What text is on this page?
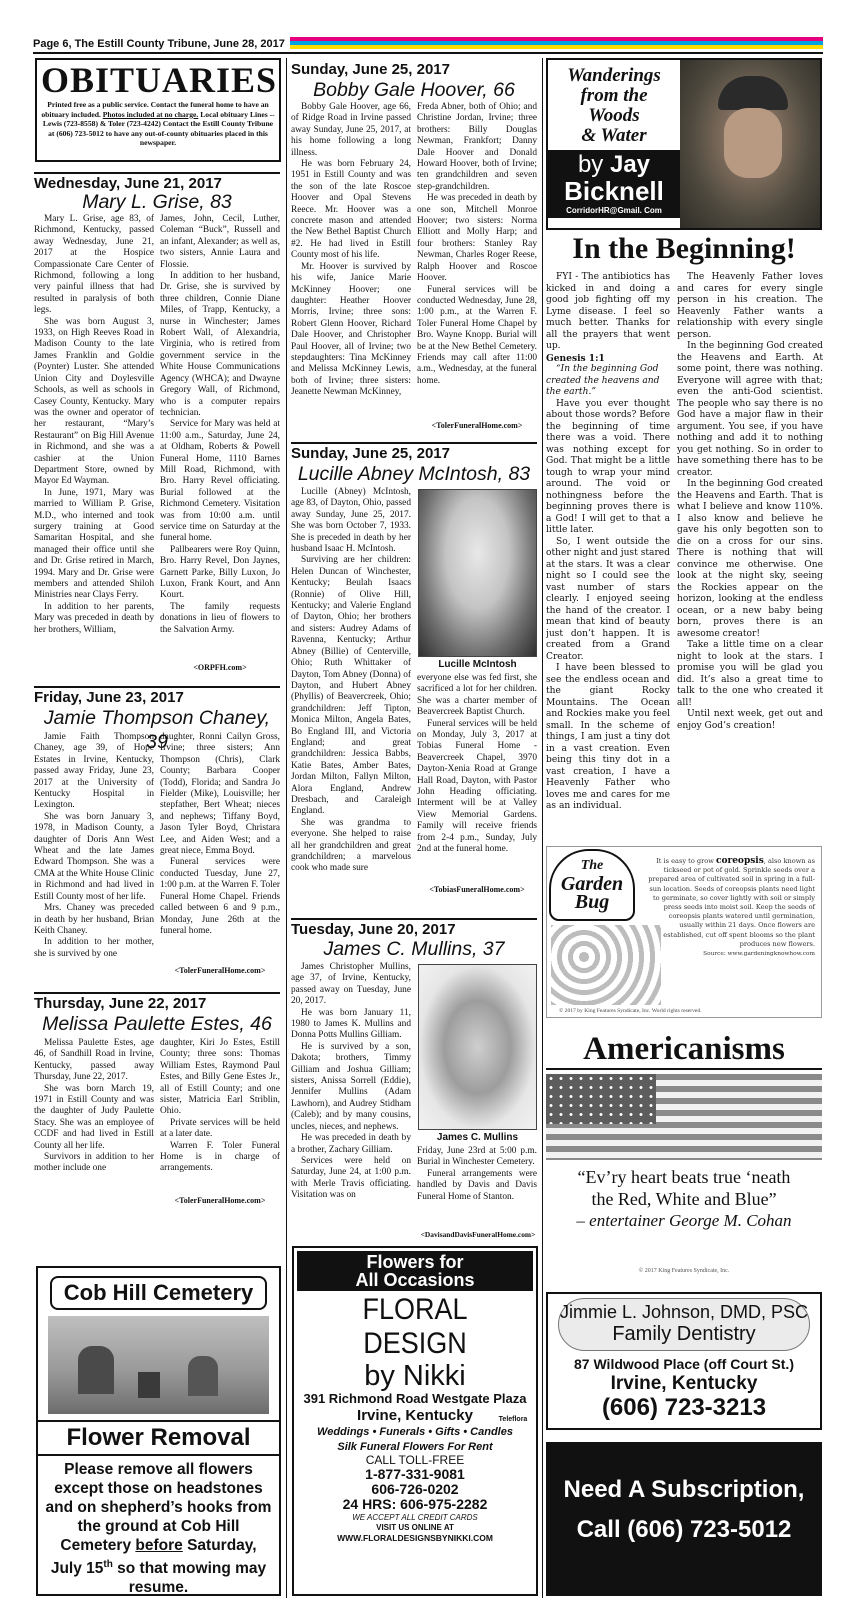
Page 6, The Estill County Tribune, June 28, 2017
OBITUARIES
Printed free as a public service. Contact the funeral home to have an obituary included. Photos included at no charge. Local obituary Lines -- Lewis (723-8558) & Toler (723-4242) Contact the Estill County Tribune at (606) 723-5012 to have any out-of-county obituaries placed in this newspaper.
Wednesday, June 21, 2017
Mary L. Grise, 83

Mary L. Grise, age 83, of Richmond, Kentucky, passed away Wednesday, June 21, 2017 at the Hospice Compassionate Care Center of Richmond, following a long very painful illness that had resulted in paralysis of both legs.

She was born August 3, 1933, on High Reeves Road in Madison County to the late James Franklin and Goldie (Poynter) Luster. She attended Union City and Doylesville Schools, as well as schools in Casey County, Kentucky. Mary was the owner and operator of her restaurant, “Mary’s Restaurant” on Big Hill Avenue in Richmond, and she was a cashier at the Union Department Store, owned by Mayor Ed Wayman.

In June, 1971, Mary was married to William P. Grise, M.D., who interned and took surgery training at Good Samaritan Hospital, and she managed their office until she and Dr. Grise retired in March, 1994. Mary and Dr. Grise were members and attended Shiloh Ministries near Clays Ferry.

In addition to her parents, Mary was preceded in death by her brothers, William,

James, John, Cecil, Luther, Coleman “Buck”, Russell and an infant, Alexander; as well as, two sisters, Annie Laura and Flossie.

In addition to her husband, Dr. Grise, she is survived by three children, Connie Diane Miles, of Trapp, Kentucky, a nurse in Winchester; James Robert Wall, of Alexandria, Virginia, who is retired from government service in the White House Communications Agency (WHCA); and Dwayne Gregory Wall, of Richmond, who is a computer repairs technician.

Service for Mary was held at 11:00 a.m., Saturday, June 24, at Oldham, Roberts & Powell Funeral Home, 1110 Barnes Mill Road, Richmond, with Bro. Harry Revel officiating. Burial followed at the Richmond Cemetery. Visitation was from 10:00 a.m. until service time on Saturday at the funeral home.

Pallbearers were Roy Quinn, Bro. Harry Revel, Don Jaynes, Garnett Parke, Billy Luxon, Jo Luxon, Frank Kourt, and Ann Kourt.

The family requests donations in lieu of flowers to the Salvation Army.

<ORPFH.com>
Friday, June 23, 2017
Jamie Thompson Chaney, 39

Jamie Faith Thompson Chaney, age 39, of Hope Estates in Irvine, Kentucky, passed away Friday, June 23, 2017 at the University of Kentucky Hospital in Lexington.

She was born January 3, 1978, in Madison County, a daughter of Doris Ann West Wheat and the late James Edward Thompson. She was a CMA at the White House Clinic in Richmond and had lived in Estill County most of her life.

Mrs. Chaney was preceded in death by her husband, Brian Keith Chaney.

In addition to her mother, she is survived by one

daughter, Ronni Cailyn Gross, Irvine; three sisters; Ann Thompson (Chris), Clark County; Barbara Cooper (Todd), Florida; and Sandra Jo Fielder (Mike), Louisville; her stepfather, Bert Wheat; nieces and nephews; Tiffany Boyd, Jason Tyler Boyd, Christara Lee, and Aiden West; and a great niece, Emma Boyd.

Funeral services were conducted Tuesday, June 27, 1:00 p.m. at the Warren F. Toler Funeral Home Chapel. Friends called between 6 and 9 p.m., Monday, June 26th at the funeral home.

<TolerFuneralHome.com>
Thursday, June 22, 2017
Melissa Paulette Estes, 46

Melissa Paulette Estes, age 46, of Sandhill Road in Irvine, Kentucky, passed away Thursday, June 22, 2017.

She was born March 19, 1971 in Estill County and was the daughter of Judy Paulette Stacy. She was an employee of CCDF and had lived in Estill County all her life.

Survivors in addition to her mother include one

daughter, Kiri Jo Estes, Estill County; three sons: Thomas William Estes, Raymond Paul Estes, and Billy Gene Estes Jr., all of Estill County; and one sister, Matricia Earl Striblin, Ohio.

Private services will be held at a later date.

Warren F. Toler Funeral Home is in charge of arrangements.

<TolerFuneralHome.com>
Cob Hill Cemetery
Flower Removal
Please remove all flowers except those on headstones and on shepherd’s hooks from the ground at Cob Hill Cemetery before Saturday, July 15th so that mowing may resume.
Sunday, June 25, 2017
Bobby Gale Hoover, 66

Bobby Gale Hoover, age 66, of Ridge Road in Irvine passed away Sunday, June 25, 2017, at his home following a long illness.

He was born February 24, 1951 in Estill County and was the son of the late Roscoe Hoover and Opal Stevens Reece. Mr. Hoover was a concrete mason and attended the New Bethel Baptist Church #2. He had lived in Estill County most of his life.

Mr. Hoover is survived by his wife, Janice Marie McKinney Hoover; one daughter: Heather Hoover Morris, Irvine; three sons: Robert Glenn Hoover, Richard Dale Hoover, and Christopher Paul Hoover, all of Irvine; two stepdaughters: Tina McKinney and Melissa McKinney Lewis, both of Irvine; three sisters: Jeanette Newman McKinney,

Freda Abner, both of Ohio; and Christine Jordan, Irvine; three brothers: Billy Douglas Newman, Frankfort; Danny Dale Hoover and Donald Howard Hoover, both of Irvine; ten grandchildren and seven step-grandchildren.

He was preceded in death by one son, Mitchell Monroe Hoover; two sisters: Norma Elliott and Molly Harp; and four brothers: Stanley Ray Newman, Charles Roger Reese, Ralph Hoover and Roscoe Hoover.

Funeral services will be conducted Wednesday, June 28, 1:00 p.m., at the Warren F. Toler Funeral Home Chapel by Bro. Wayne Knopp. Burial will be at the New Bethel Cemetery. Friends may call after 11:00 a.m., Wednesday, at the funeral home.

<TolerFuneralHome.com>
Sunday, June 25, 2017
Lucille Abney McIntosh, 83

Lucille (Abney) McIntosh, age 83, of Dayton, Ohio, passed away Sunday, June 25, 2017. She was born October 7, 1933. She is preceded in death by her husband Isaac H. McIntosh.

Surviving are her children: Helen Duncan of Winchester, Kentucky; Beulah Isaacs (Ronnie) of Olive Hill, Kentucky; and Valerie England of Dayton, Ohio; her brothers and sisters: Audrey Adams of Ravenna, Kentucky; Arthur Abney (Billie) of Centerville, Ohio; Ruth Whittaker of Dayton, Tom Abney (Donna) of Dayton, and Hubert Abney (Phyllis) of Beavercreek, Ohio; grandchildren: Jeff Tipton, Monica Milton, Angela Bates, Bo England III, and Victoria England; and great grandchildren: Jessica Babbs, Katie Bates, Amber Bates, Jordan Milton, Fallyn Milton, Alora England, Andrew Dresbach, and Caraleigh England.

She was grandma to everyone. She helped to raise all her grandchildren and great grandchildren; a marvelous cook who made sure

Lucille McIntosh

everyone else was fed first, she sacrificed a lot for her children. She was a charter member of Beavercreek Baptist Church.

Funeral services will be held on Monday, July 3, 2017 at Tobias Funeral Home - Beavercreek Chapel, 3970 Dayton-Xenia Road at Grange Hall Road, Dayton, with Pastor John Heading officiating. Interment will be at Valley View Memorial Gardens. Family will receive friends from 2-4 p.m., Sunday, July 2nd at the funeral home.

<TobiasFuneralHome.com>
Tuesday, June 20, 2017
James C. Mullins, 37

James Christopher Mullins, age 37, of Irvine, Kentucky, passed away on Tuesday, June 20, 2017.

He was born January 11, 1980 to James K. Mullins and Donna Potts Mullins Gilliam.

He is survived by a son, Dakota; brothers, Timmy Gilliam and Joshua Gilliam; sisters, Anissa Sorrell (Eddie), Jennifer Mullins (Adam Lawhorn), and Audrey Stidham (Caleb); and by many cousins, uncles, nieces, and nephews.

He was preceded in death by a brother, Zachary Gilliam.

Services were held on Saturday, June 24, at 1:00 p.m. with Merle Travis officiating. Visitation was on

James C. Mullins

Friday, June 23rd at 5:00 p.m. Burial in Winchester Cemetery.

Funeral arrangements were handled by Davis and Davis Funeral Home of Stanton.

<DavisandDavisFuneralHome.com>
Flowers for
All Occasions
FLORAL DESIGN
by Nikki
391 Richmond Road Westgate Plaza
Irvine, Kentucky
Weddings • Funerals • Gifts • Candles
Silk Funeral Flowers For Rent
CALL TOLL-FREE
1-877-331-9081
606-726-0202
24 HRS: 606-975-2282
WE ACCEPT ALL CREDIT CARDS
VISIT US ONLINE AT
WWW.FLORALDESIGNSBYNIKKI.COM
Teleflora
Wanderings
from the
Woods
& Water
by Jay
Bicknell
CorridorHR@Gmail. Com
In the Beginning!

FYI - The antibiotics has kicked in and doing a good job fighting off my Lyme disease. I feel so much better. Thanks for all the prayers that went up.

Genesis 1:1
“In the beginning God created the heavens and the earth.”

Have you ever thought about those words? Before the beginning of time there was a void. There was nothing except for God. That might be a little tough to wrap your mind around. The void or nothingness before the beginning proves there is a God! I will get to that a little later.

So, I went outside the other night and just stared at the stars. It was a clear night so I could see the vast number of stars clearly. I enjoyed seeing the hand of the creator. I mean that kind of beauty just don’t happen. It is created from a Grand Creator.

I have been blessed to see the endless ocean and the giant Rocky Mountains. The Ocean and Rockies make you feel small. In the scheme of things, I am just a tiny dot in a vast creation. Even being this tiny dot in a vast creation, I have a Heavenly Father who loves me and cares for me as an individual.

The Heavenly Father loves and cares for every single person in his creation. The Heavenly Father wants a relationship with every single person.

In the beginning God created the Heavens and Earth. At some point, there was nothing. Everyone will agree with that; even the anti-God scientist. The people who say there is no God have a major flaw in their argument. You see, if you have nothing and add it to nothing you get nothing. So in order to have something there has to be creator.

In the beginning God created the Heavens and Earth. That is what I believe and know 110%. I also know and believe he gave his only begotten son to die on a cross for our sins. There is nothing that will convince me otherwise. One look at the night sky, seeing the Rockies appear on the horizon, looking at the endless ocean, or a new baby being born, proves there is an awesome creator!

Take a little time on a clear night to look at the stars. I promise you will be glad you did. It’s also a great time to talk to the one who created it all!

Until next week, get out and enjoy God’s creation!

The
Garden
Bug
It is easy to grow coreopsis, also known as tickseed or pot of gold. Sprinkle seeds over a prepared area of cultivated soil in spring in a full-sun location. Seeds of coreopsis plants need light to germinate, so cover lightly with soil or simply press seeds into moist soil. Keep the seeds of coreopsis plants watered until germination, usually within 21 days. Once flowers are established, cut off spent blooms so the plant produces new flowers.
Source: www.gardeningknowhow.com
© 2017 by King Features Syndicate, Inc. World rights reserved.
Americanisms
“Ev’ry heart beats true ‘neath the Red, White and Blue”
– entertainer George M. Cohan
© 2017 King Features Syndicate, Inc.
Jimmie L. Johnson, DMD, PSC
Family Dentistry
87 Wildwood Place (off Court St.)
Irvine, Kentucky
(606) 723-3213
Need A Subscription,
Call (606) 723-5012
